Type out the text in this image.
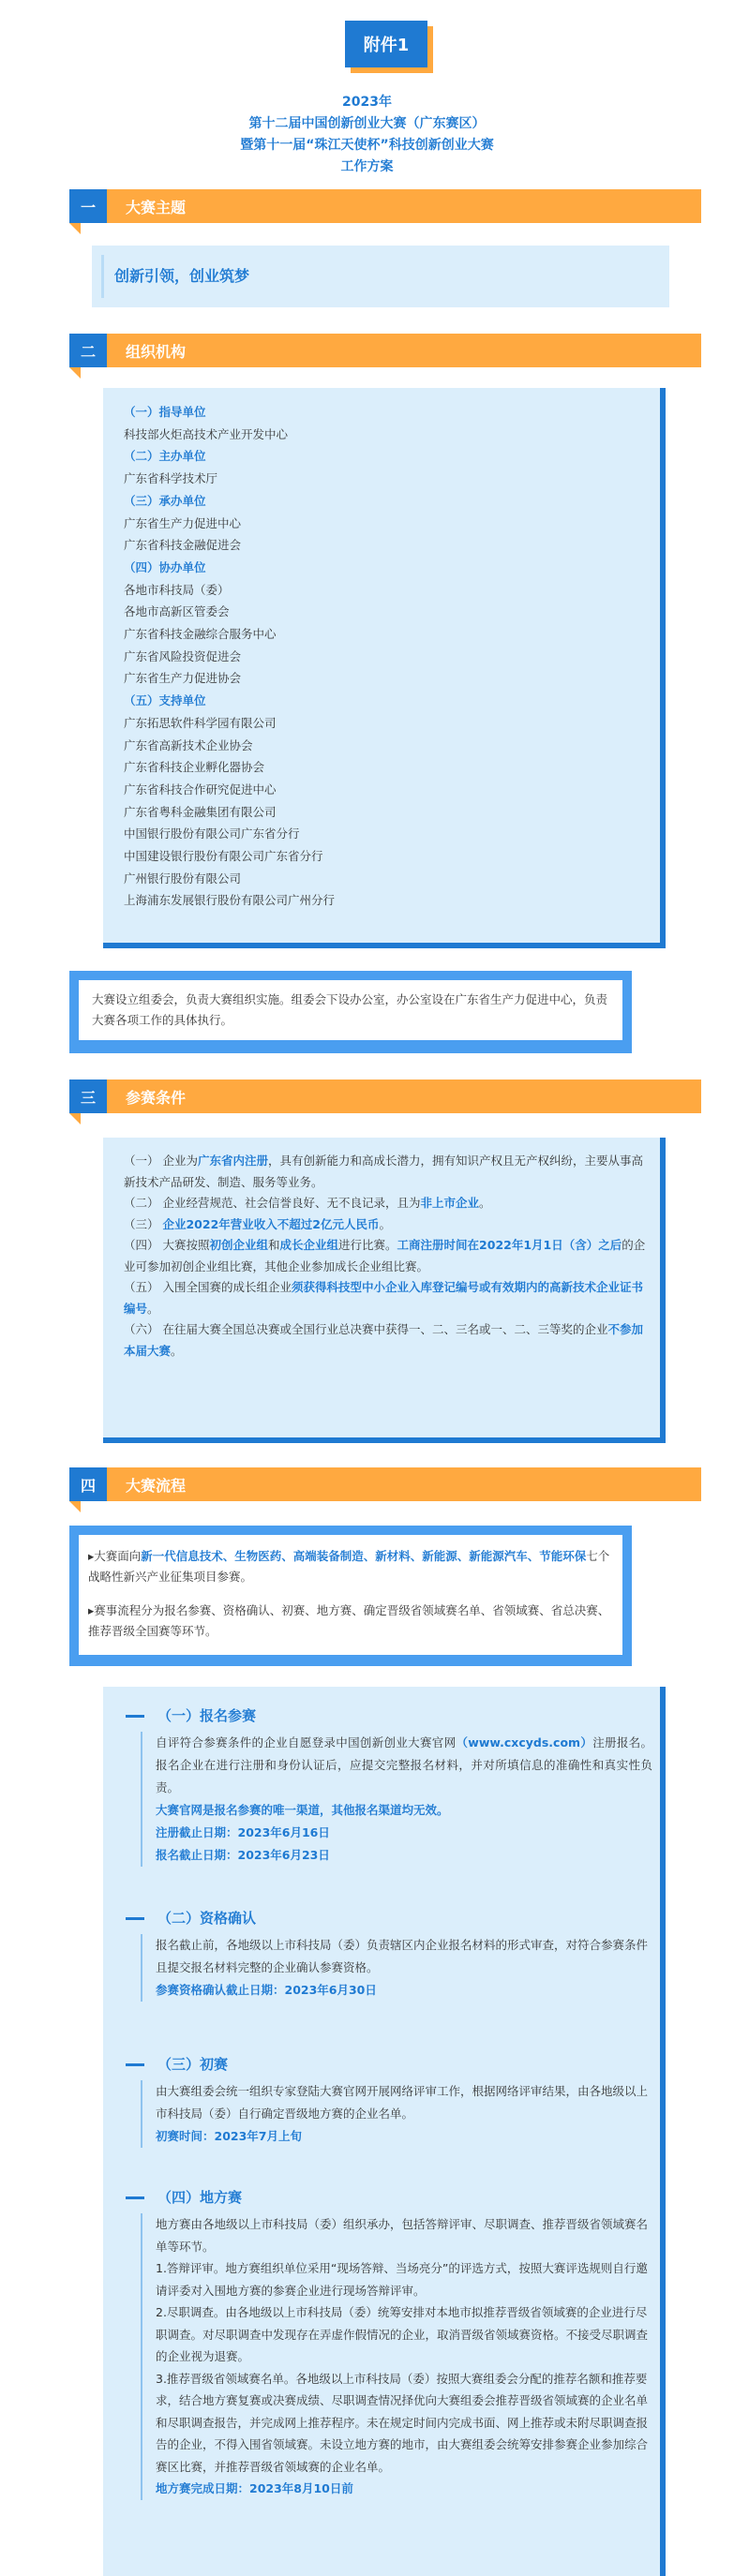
附件1
2023年
第十二届中国创新创业大赛（广东赛区）
暨第十一届“珠江天使杯”科技创新创业大赛
工作方案
一	大赛主题
创新引领，创业筑梦
二	组织机构
（一）指导单位
科技部火炬高技术产业开发中心
（二）主办单位
广东省科学技术厅
（三）承办单位
广东省生产力促进中心
广东省科技金融促进会
（四）协办单位
各地市科技局（委）
各地市高新区管委会
广东省科技金融综合服务中心
广东省风险投资促进会
广东省生产力促进协会
（五）支持单位
广东拓思软件科学园有限公司
广东省高新技术企业协会
广东省科技企业孵化器协会
广东省科技合作研究促进中心
广东省粤科金融集团有限公司
中国银行股份有限公司广东省分行
中国建设银行股份有限公司广东省分行
广州银行股份有限公司
上海浦东发展银行股份有限公司广州分行
大赛设立组委会，负责大赛组织实施。组委会下设办公室，办公室设在广东省生产力促进中心，负责大赛各项工作的具体执行。
三	参赛条件
（一） 企业为广东省内注册，具有创新能力和高成长潜力，拥有知识产权且无产权纠纷，主要从事高新技术产品研发、制造、服务等业务。
（二） 企业经营规范、社会信誉良好、无不良记录，且为非上市企业。
（三） 企业2022年营业收入不超过2亿元人民币。
（四） 大赛按照初创企业组和成长企业组进行比赛。工商注册时间在2022年1月1日（含）之后的企业可参加初创企业组比赛，其他企业参加成长企业组比赛。
（五） 入围全国赛的成长组企业须获得科技型中小企业入库登记编号或有效期内的高新技术企业证书编号。
（六） 在往届大赛全国总决赛或全国行业总决赛中获得一、二、三名或一、二、三等奖的企业不参加本届大赛。
四	大赛流程
▸大赛面向新一代信息技术、生物医药、高端装备制造、新材料、新能源、新能源汽车、节能环保七个战略性新兴产业征集项目参赛。
▸赛事流程分为报名参赛、资格确认、初赛、地方赛、确定晋级省领域赛名单、省领域赛、省总决赛、推荐晋级全国赛等环节。
（一）报名参赛
自评符合参赛条件的企业自愿登录中国创新创业大赛官网（www.cxcyds.com）注册报名。报名企业在进行注册和身份认证后，应提交完整报名材料，并对所填信息的准确性和真实性负责。
大赛官网是报名参赛的唯一渠道，其他报名渠道均无效。
注册截止日期：2023年6月16日
报名截止日期：2023年6月23日
（二）资格确认
报名截止前，各地级以上市科技局（委）负责辖区内企业报名材料的形式审查，对符合参赛条件且提交报名材料完整的企业确认参赛资格。
参赛资格确认截止日期：2023年6月30日
（三）初赛
由大赛组委会统一组织专家登陆大赛官网开展网络评审工作，根据网络评审结果，由各地级以上市科技局（委）自行确定晋级地方赛的企业名单。
初赛时间：2023年7月上旬
（四）地方赛
地方赛由各地级以上市科技局（委）组织承办，包括答辩评审、尽职调查、推荐晋级省领域赛名单等环节。
1.答辩评审。地方赛组织单位采用“现场答辩、当场亮分”的评选方式，按照大赛评选规则自行邀请评委对入围地方赛的参赛企业进行现场答辩评审。
2.尽职调查。由各地级以上市科技局（委）统筹安排对本地市拟推荐晋级省领域赛的企业进行尽职调查。对尽职调查中发现存在弄虚作假情况的企业，取消晋级省领域赛资格。不接受尽职调查的企业视为退赛。
3.推荐晋级省领域赛名单。各地级以上市科技局（委）按照大赛组委会分配的推荐名额和推荐要求，结合地方赛复赛或决赛成绩、尽职调查情况择优向大赛组委会推荐晋级省领域赛的企业名单和尽职调查报告，并完成网上推荐程序。未在规定时间内完成书面、网上推荐或未附尽职调查报告的企业，不得入围省领域赛。未设立地方赛的地市，由大赛组委会统筹安排参赛企业参加综合赛区比赛，并推荐晋级省领域赛的企业名单。
地方赛完成日期：2023年8月10日前
